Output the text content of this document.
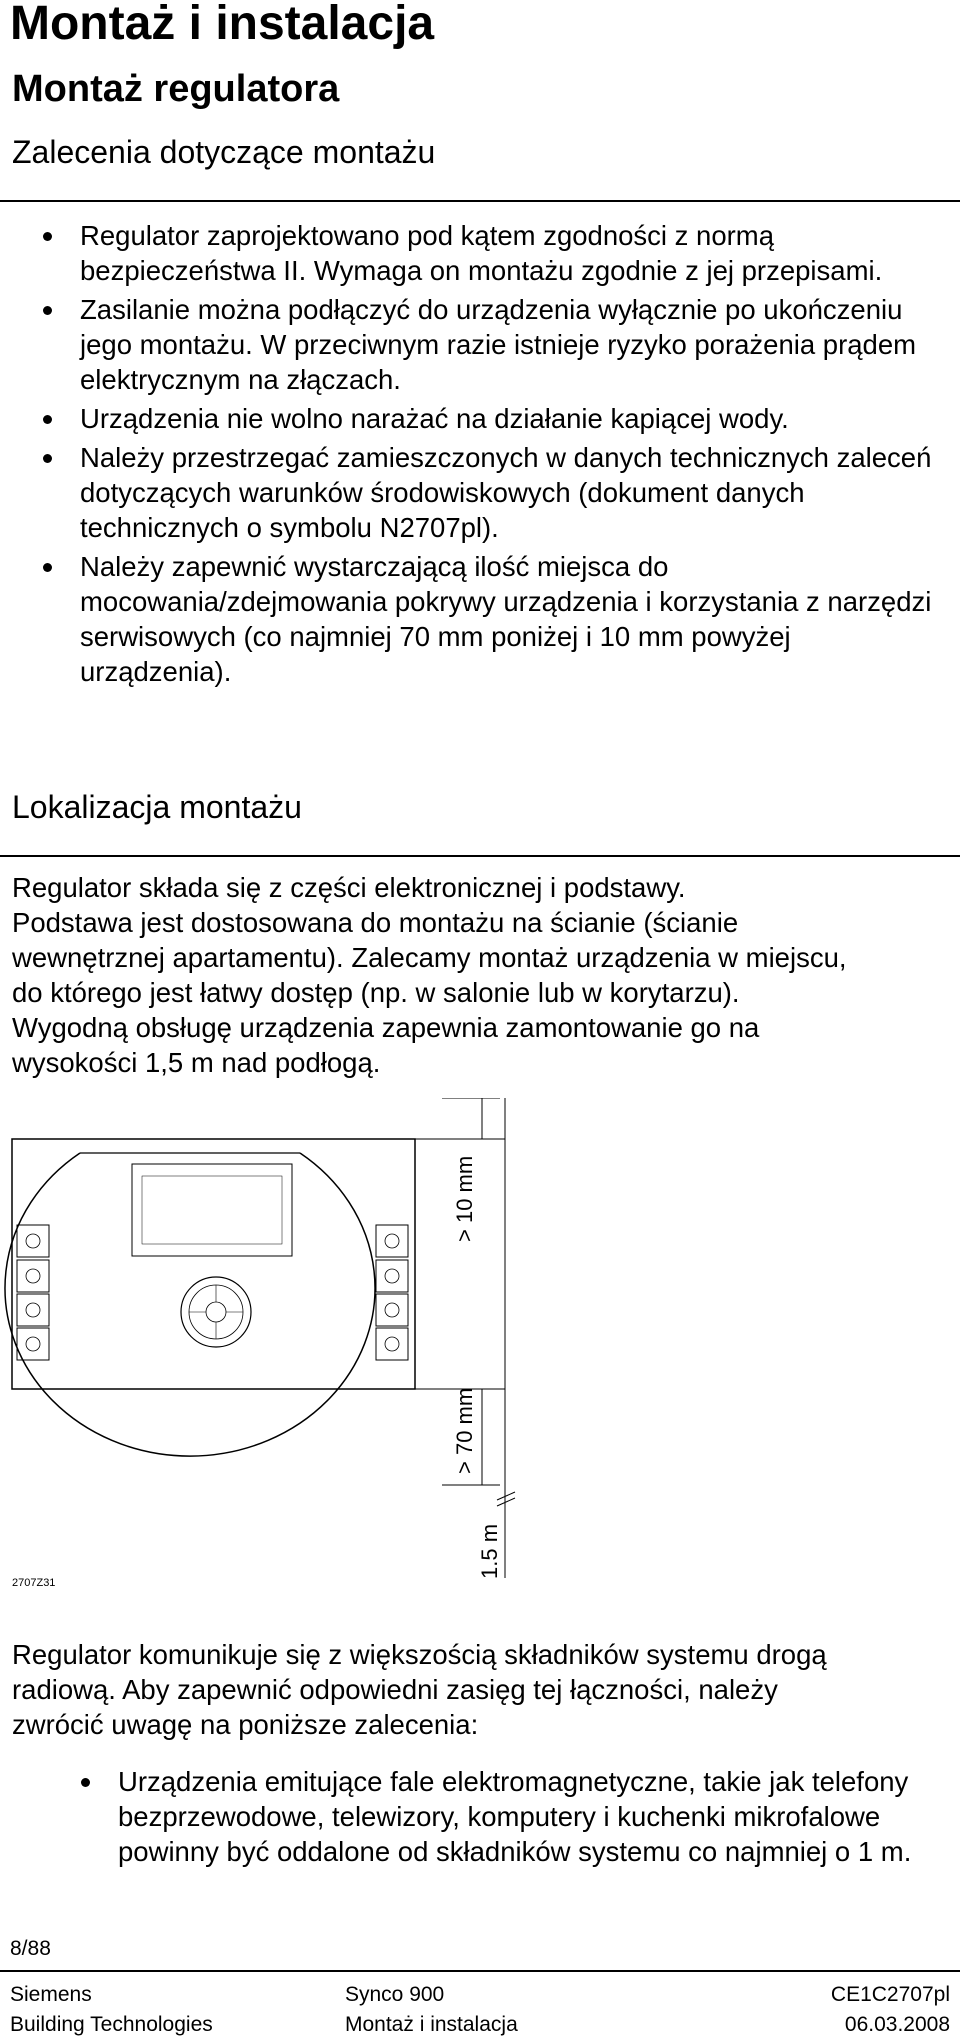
Montaż i instalacja
Montaż regulatora
Zalecenia dotyczące montażu
Regulator zaprojektowano pod kątem zgodności z normą bezpieczeństwa II. Wymaga on montażu zgodnie z jej przepisami.
Zasilanie można podłączyć do urządzenia wyłącznie po ukończeniu jego montażu. W przeciwnym razie istnieje ryzyko porażenia prądem elektrycznym na złączach.
Urządzenia nie wolno narażać na działanie kapiącej wody.
Należy przestrzegać zamieszczonych w danych technicznych zaleceń dotyczących warunków środowiskowych (dokument danych technicznych o symbolu N2707pl).
Należy zapewnić wystarczającą ilość miejsca do mocowania/zdejmowania pokrywy urządzenia i korzystania z narzędzi serwisowych (co najmniej 70 mm poniżej i 10 mm powyżej urządzenia).
Lokalizacja montażu
Regulator składa się z części elektronicznej i podstawy.
Podstawa jest dostosowana do montażu na ścianie (ścianie
wewnętrznej apartamentu). Zalecamy montaż urządzenia w miejscu,
do którego jest łatwy dostęp (np. w salonie lub w korytarzu).
Wygodną obsługę urządzenia zapewnia zamontowanie go na
wysokości 1,5 m nad podłogą.
> 10 mm
> 70 mm
1.5 m
2707Z31
Regulator komunikuje się z większością składników systemu drogą
radiową. Aby zapewnić odpowiedni zasięg tej łączności, należy
zwrócić uwagę na poniższe zalecenia:
Urządzenia emitujące fale elektromagnetyczne, takie jak telefony bezprzewodowe, telewizory, komputery i kuchenki mikrofalowe powinny być oddalone od składników systemu co najmniej o 1 m.
8/88
Siemens
Building Technologies
Synco 900
Montaż i instalacja
CE1C2707pl
06.03.2008
